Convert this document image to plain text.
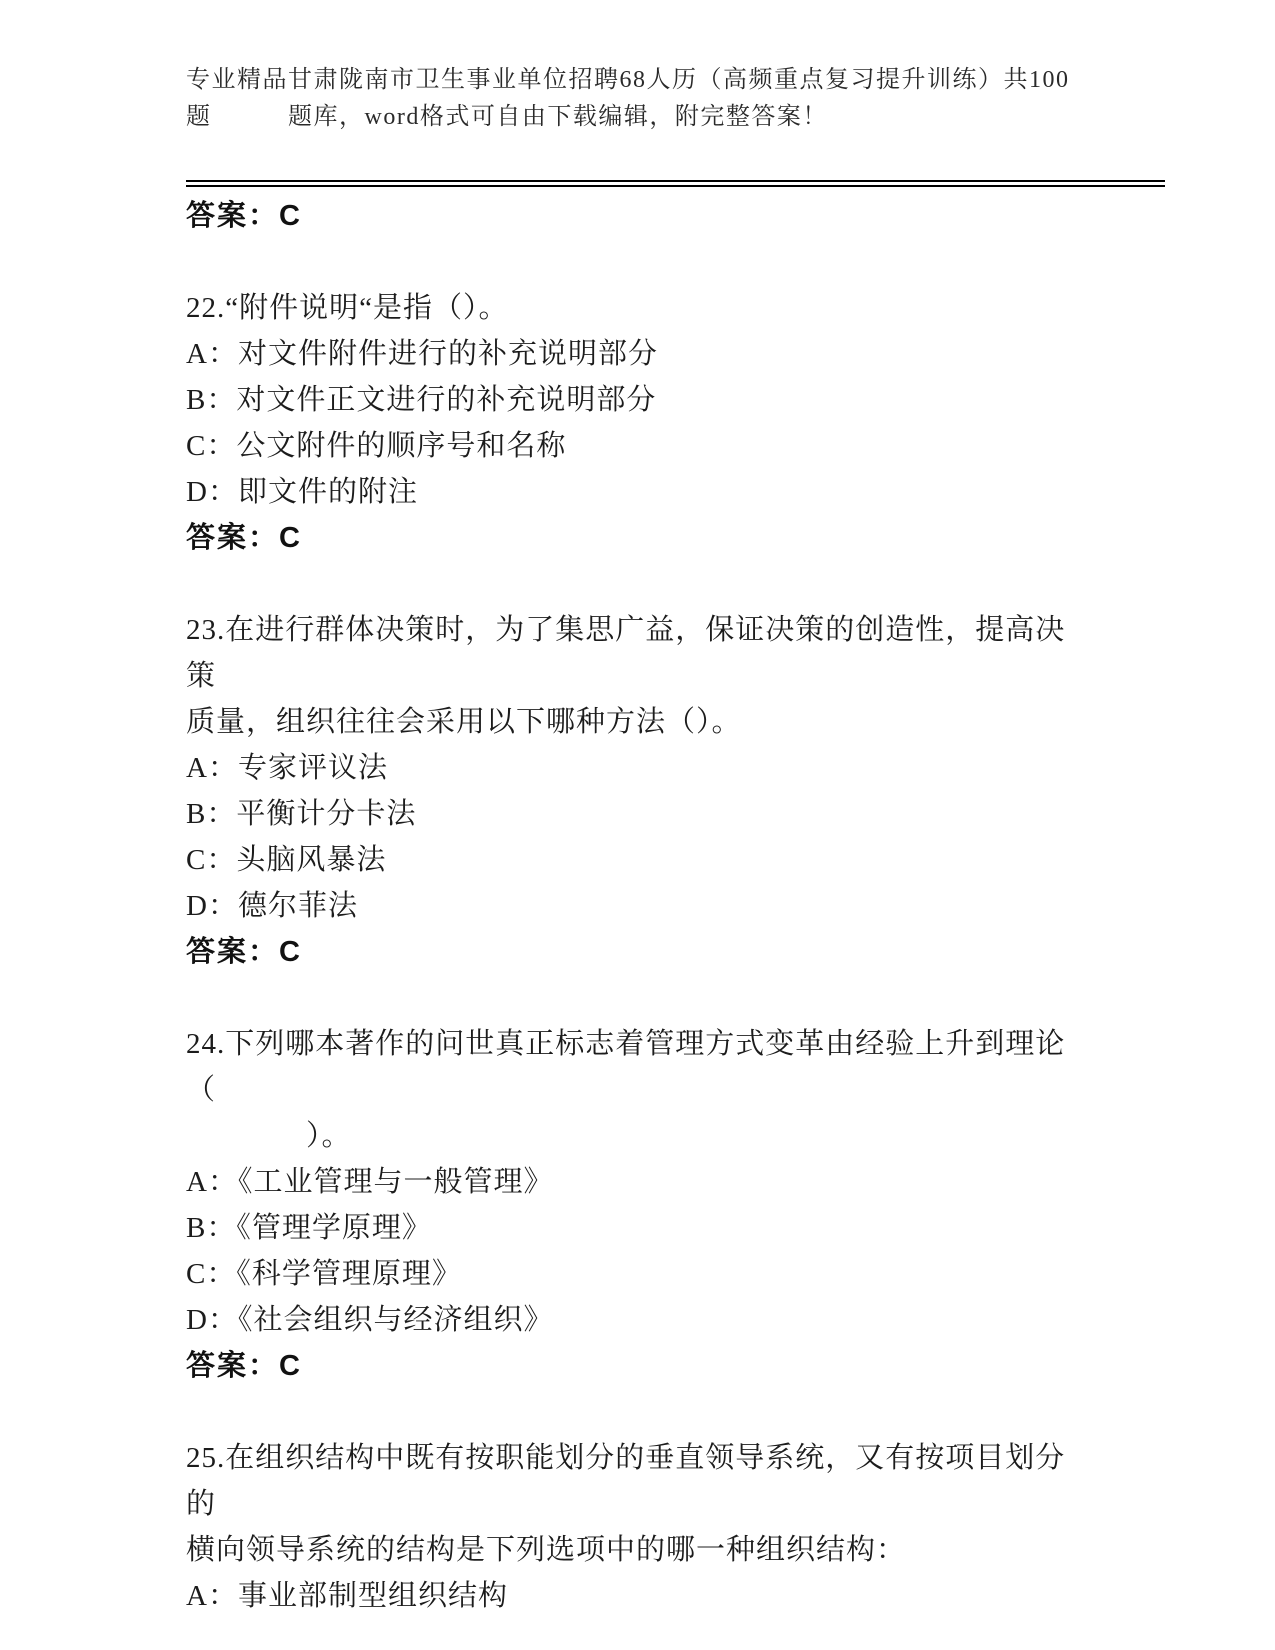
专业精品甘肃陇南市卫生事业单位招聘68人历（高频重点复习提升训练）共100
题　　　题库，word格式可自由下载编辑，附完整答案！
答案：C
22.“附件说明“是指（）。
A：对文件附件进行的补充说明部分
B：对文件正文进行的补充说明部分
C：公文附件的顺序号和名称
D：即文件的附注
答案：C
23.在进行群体决策时，为了集思广益，保证决策的创造性，提高决策
质量，组织往往会采用以下哪种方法（）。
A：专家评议法
B：平衡计分卡法
C：头脑风暴法
D：德尔菲法
答案：C
24.下列哪本著作的问世真正标志着管理方式变革由经验上升到理论（
　　　　）。
A：《工业管理与一般管理》
B：《管理学原理》
C：《科学管理原理》
D：《社会组织与经济组织》
答案：C
25.在组织结构中既有按职能划分的垂直领导系统，又有按项目划分的
横向领导系统的结构是下列选项中的哪一种组织结构：
A：事业部制型组织结构
